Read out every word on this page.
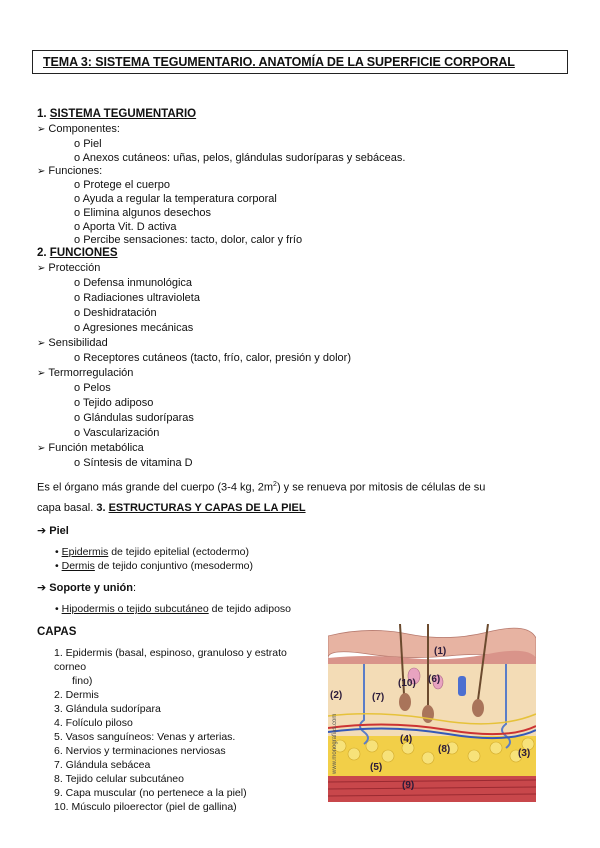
TEMA 3: SISTEMA TEGUMENTARIO. ANATOMÍA DE LA SUPERFICIE CORPORAL
1. SISTEMA TEGUMENTARIO
➢ Componentes:
o Piel
o Anexos cutáneos: uñas, pelos, glándulas sudoríparas y sebáceas.
➢ Funciones:
o Protege el cuerpo
o Ayuda a regular la temperatura corporal
o Elimina algunos desechos
o Aporta Vit. D activa
o Percibe sensaciones: tacto, dolor, calor y frío
2. FUNCIONES
➢ Protección
o Defensa inmunológica
o Radiaciones ultravioleta
o Deshidratación
o Agresiones mecánicas
➢ Sensibilidad
o Receptores cutáneos (tacto, frío, calor, presión y dolor)
➢ Termorregulación
o Pelos
o Tejido adiposo
o Glándulas sudoríparas
o Vascularización
➢ Función metabólica
o Síntesis de vitamina D
Es el órgano más grande del cuerpo (3-4 kg, $2m^2$) y se renueva por mitosis de células de su
capa basal. 3. ESTRUCTURAS Y CAPAS DE LA PIEL
➔ Piel
• Epidermis de tejido epitelial (ectodermo)
• Dermis de tejido conjuntivo (mesodermo)
➔ Soporte y unión:
• Hipodermis o tejido subcutáneo de tejido adiposo
CAPAS
1. Epidermis (basal, espinoso, granuloso y estrato
corneo
fino)
2. Dermis
3. Glándula sudorípara
4. Folículo piloso
5. Vasos sanguíneos: Venas y arterias.
6. Nervios y terminaciones nerviosas
7. Glándula sebácea
8. Tejido celular subcutáneo
9. Capa muscular (no pertenece a la piel)
10. Músculo piloerector (piel de gallina)
(1)
(2)
(3)
(4)
(5)
(6)
(7)
(8)
(9)
(10)
www.monografias.com
